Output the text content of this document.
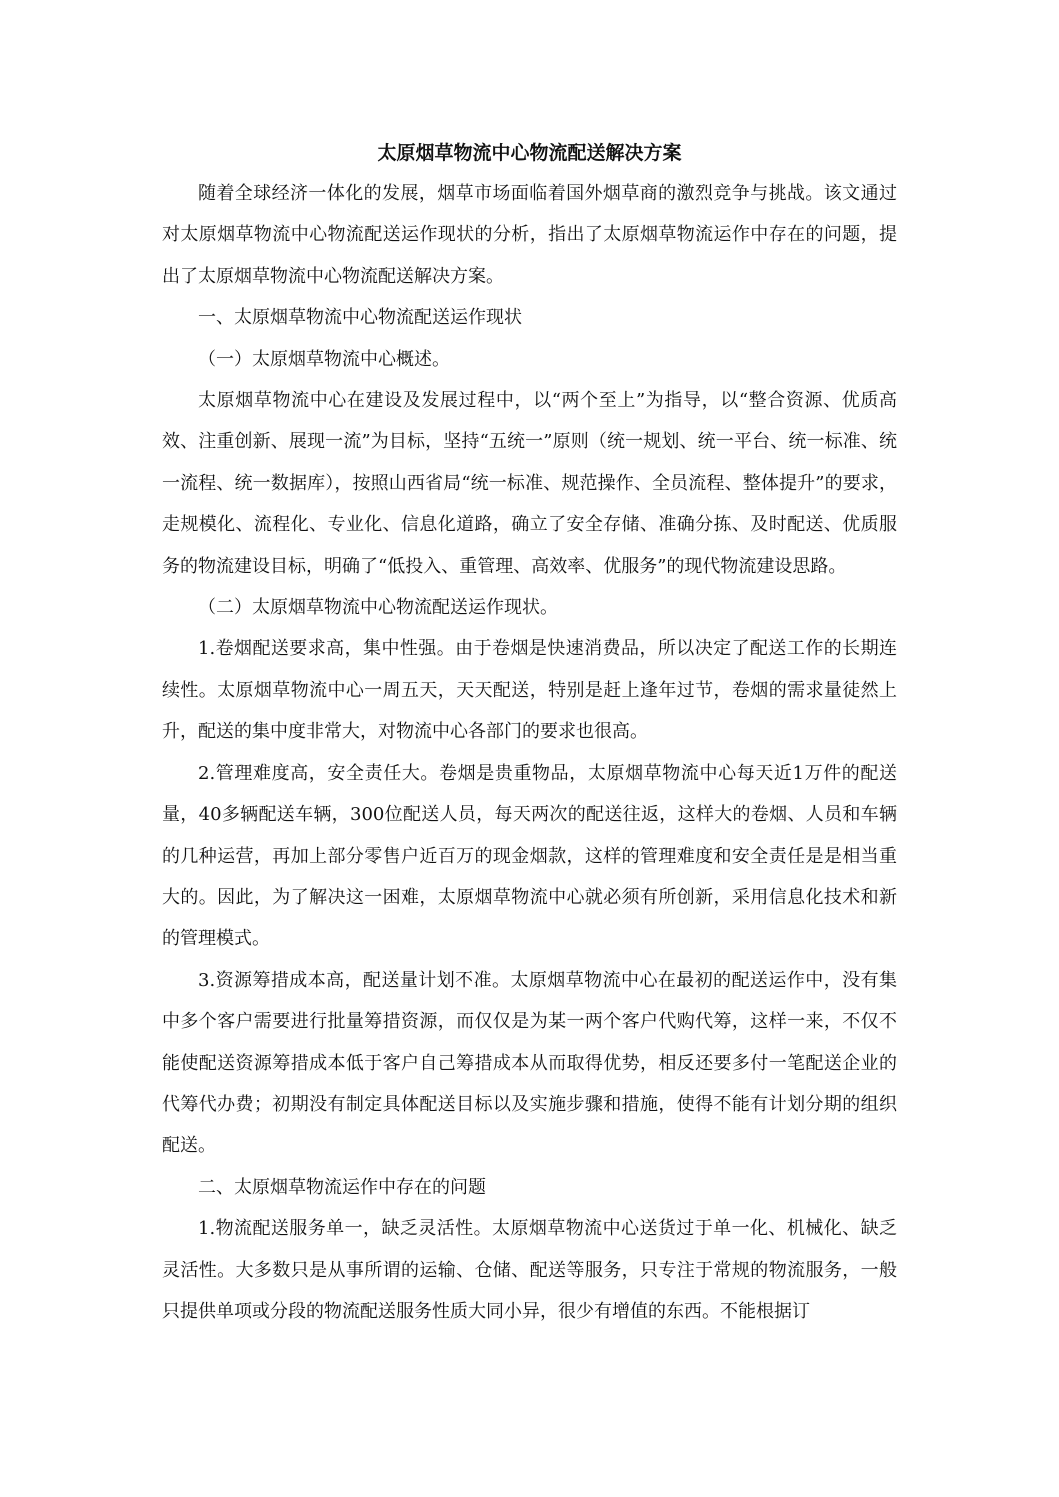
太原烟草物流中心物流配送解决方案

随着全球经济一体化的发展，烟草市场面临着国外烟草商的激烈竞争与挑战。该文通过对太原烟草物流中心物流配送运作现状的分析，指出了太原烟草物流运作中存在的问题，提出了太原烟草物流中心物流配送解决方案。

一、太原烟草物流中心物流配送运作现状

（一）太原烟草物流中心概述。

太原烟草物流中心在建设及发展过程中，以“两个至上”为指导，以“整合资源、优质高效、注重创新、展现一流”为目标，坚持“五统一”原则（统一规划、统一平台、统一标准、统一流程、统一数据库），按照山西省局“统一标准、规范操作、全员流程、整体提升”的要求，走规模化、流程化、专业化、信息化道路，确立了安全存储、准确分拣、及时配送、优质服务的物流建设目标，明确了“低投入、重管理、高效率、优服务”的现代物流建设思路。

（二）太原烟草物流中心物流配送运作现状。

1.卷烟配送要求高，集中性强。由于卷烟是快速消费品，所以决定了配送工作的长期连续性。太原烟草物流中心一周五天，天天配送，特别是赶上逢年过节，卷烟的需求量徒然上升，配送的集中度非常大，对物流中心各部门的要求也很高。

2.管理难度高，安全责任大。卷烟是贵重物品，太原烟草物流中心每天近1万件的配送量，40多辆配送车辆，300位配送人员，每天两次的配送往返，这样大的卷烟、人员和车辆的几种运营，再加上部分零售户近百万的现金烟款，这样的管理难度和安全责任是是相当重大的。因此，为了解决这一困难，太原烟草物流中心就必须有所创新，采用信息化技术和新的管理模式。

3.资源筹措成本高，配送量计划不准。太原烟草物流中心在最初的配送运作中，没有集中多个客户需要进行批量筹措资源，而仅仅是为某一两个客户代购代筹，这样一来，不仅不能使配送资源筹措成本低于客户自己筹措成本从而取得优势，相反还要多付一笔配送企业的代筹代办费；初期没有制定具体配送目标以及实施步骤和措施，使得不能有计划分期的组织配送。

二、太原烟草物流运作中存在的问题

1.物流配送服务单一，缺乏灵活性。太原烟草物流中心送货过于单一化、机械化、缺乏灵活性。大多数只是从事所谓的运输、仓储、配送等服务，只专注于常规的物流服务，一般只提供单项或分段的物流配送服务性质大同小异，很少有增值的东西。不能根据订
